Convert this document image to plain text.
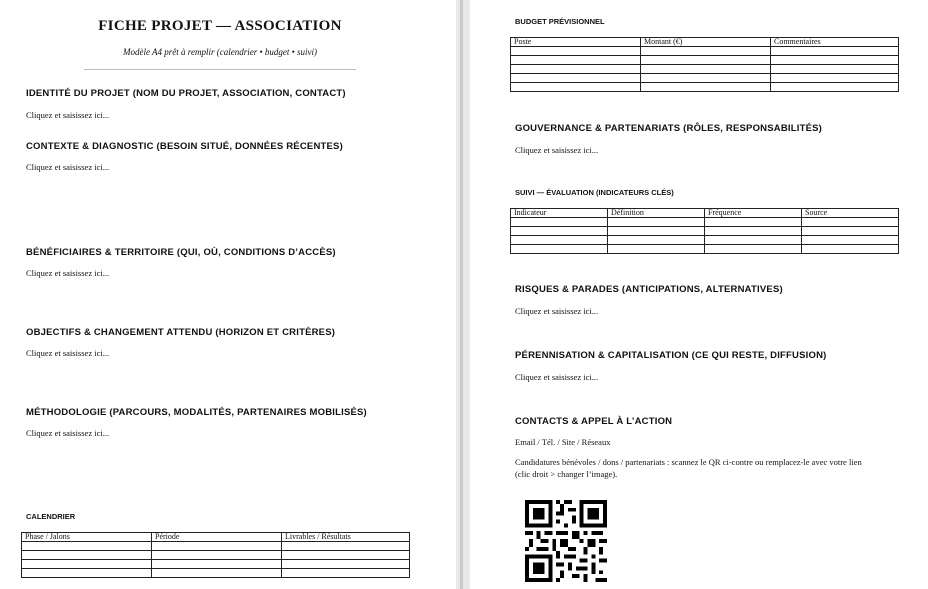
FICHE PROJET — ASSOCIATION
Modèle A4 prêt à remplir (calendrier • budget • suivi)
IDENTITÉ DU PROJET (NOM DU PROJET, ASSOCIATION, CONTACT)
Cliquez et saisissez ici...
CONTEXTE & DIAGNOSTIC (BESOIN SITUÉ, DONNÉES RÉCENTES)
Cliquez et saisissez ici...
BÉNÉFICIAIRES & TERRITOIRE (QUI, OÙ, CONDITIONS D’ACCÈS)
Cliquez et saisissez ici...
OBJECTIFS & CHANGEMENT ATTENDU (HORIZON ET CRITÈRES)
Cliquez et saisissez ici...
MÉTHODOLOGIE (PARCOURS, MODALITÉS, PARTENAIRES MOBILISÉS)
Cliquez et saisissez ici...
CALENDRIER
Phase / Jalons	Période	Livrables / Résultats

BUDGET PRÉVISIONNEL
Poste	Montant (€)	Commentaires

GOUVERNANCE & PARTENARIATS (RÔLES, RESPONSABILITÉS)
Cliquez et saisissez ici...
SUIVI — ÉVALUATION (INDICATEURS CLÉS)
Indicateur	Définition	Fréquence	Source

RISQUES & PARADES (ANTICIPATIONS, ALTERNATIVES)
Cliquez et saisissez ici...
PÉRENNISATION & CAPITALISATION (CE QUI RESTE, DIFFUSION)
Cliquez et saisissez ici...
CONTACTS & APPEL À L’ACTION
Email / Tél. / Site / Réseaux
Candidatures bénévoles / dons / partenariats : scannez le QR ci-contre ou remplacez-le avec votre lien
(clic droit > changer l’image).
